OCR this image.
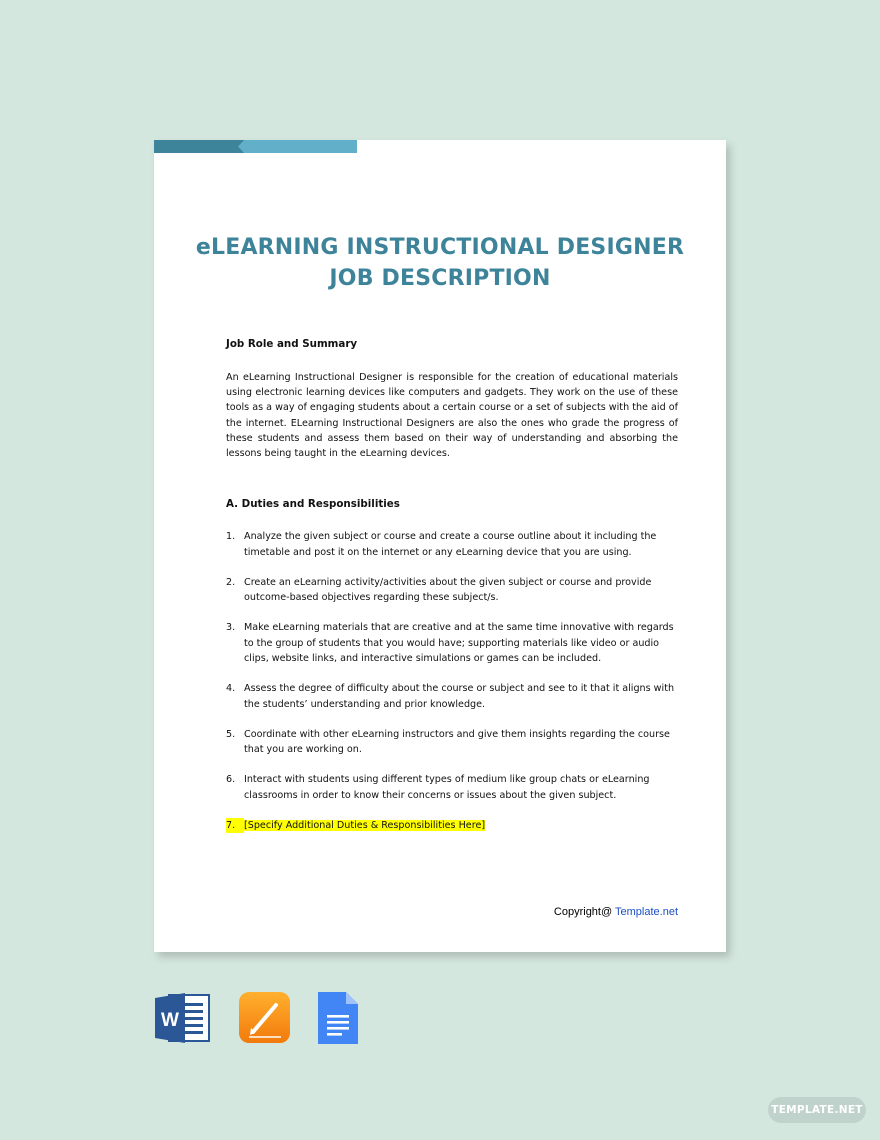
eLEARNING INSTRUCTIONAL DESIGNER
JOB DESCRIPTION
Job Role and Summary

An eLearning Instructional Designer is responsible for the creation of educational materials using electronic learning devices like computers and gadgets. They work on the use of these tools as a way of engaging students about a certain course or a set of subjects with the aid of the internet. ELearning Instructional Designers are also the ones who grade the progress of these students and assess them based on their way of understanding and absorbing the lessons being taught in the eLearning devices.

A. Duties and Responsibilities
1. Analyze the given subject or course and create a course outline about it including the timetable and post it on the internet or any eLearning device that you are using.
2. Create an eLearning activity/activities about the given subject or course and provide outcome-based objectives regarding these subject/s.
3. Make eLearning materials that are creative and at the same time innovative with regards to the group of students that you would have; supporting materials like video or audio clips, website links, and interactive simulations or games can be included.
4. Assess the degree of difficulty about the course or subject and see to it that it aligns with the students’ understanding and prior knowledge.
5. Coordinate with other eLearning instructors and give them insights regarding the course that you are working on.
6. Interact with students using different types of medium like group chats or eLearning classrooms in order to know their concerns or issues about the given subject.
7. [Specify Additional Duties & Responsibilities Here]
Copyright@ Template.net
W
TEMPLATE.NET
